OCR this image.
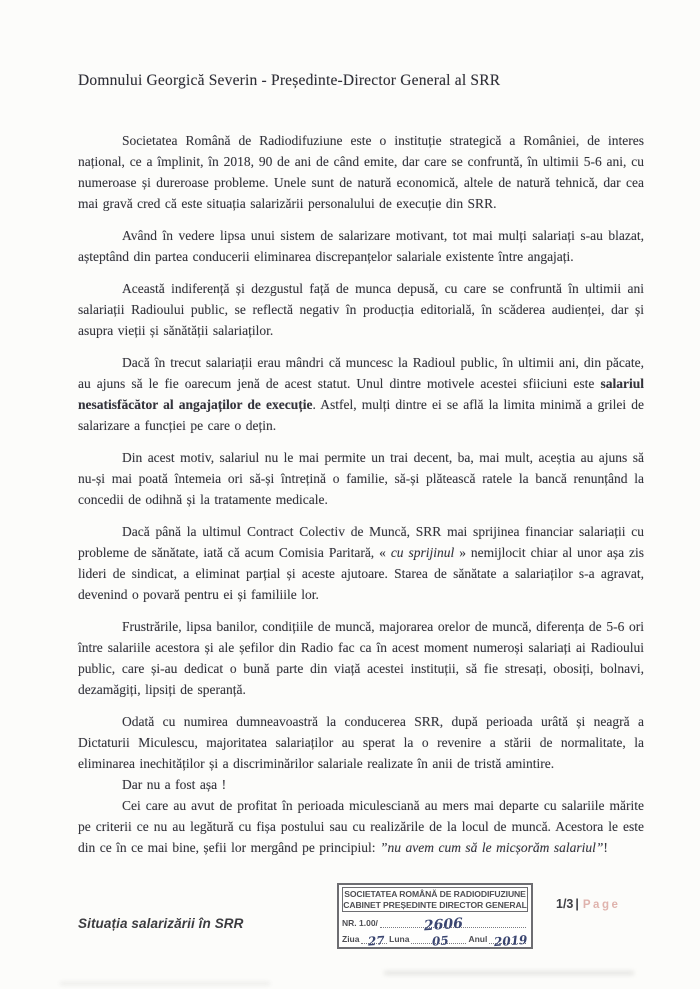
Domnului Georgică Severin - Președinte-Director General al SRR

Societatea Română de Radiodifuziune este o instituție strategică a României, de interes național, ce a împlinit, în 2018, 90 de ani de când emite, dar care se confruntă, în ultimii 5-6 ani, cu numeroase și dureroase probleme. Unele sunt de natură economică, altele de natură tehnică, dar cea mai gravă cred că este situația salarizării personalului de execuție din SRR.

Având în vedere lipsa unui sistem de salarizare motivant, tot mai mulți salariați s-au blazat, așteptând din partea conducerii eliminarea discrepanțelor salariale existente între angajați.

Această indiferență și dezgustul față de munca depusă, cu care se confruntă în ultimii ani salariații Radioului public, se reflectă negativ în producția editorială, în scăderea audienței, dar și asupra vieții și sănătății salariaților.

Dacă în trecut salariații erau mândri că muncesc la Radioul public, în ultimii ani, din păcate, au ajuns să le fie oarecum jenă de acest statut. Unul dintre motivele acestei sfiiciuni este salariul nesatisfăcător al angajaților de execuție. Astfel, mulți dintre ei se află la limita minimă a grilei de salarizare a funcției pe care o dețin.

Din acest motiv, salariul nu le mai permite un trai decent, ba, mai mult, aceștia au ajuns să nu-și mai poată întemeia ori să-și întrețină o familie, să-și plătească ratele la bancă renunțând la concedii de odihnă și la tratamente medicale.

Dacă până la ultimul Contract Colectiv de Muncă, SRR mai sprijinea financiar salariații cu probleme de sănătate, iată că acum Comisia Paritară, « cu sprijinul » nemijlocit chiar al unor așa zis lideri de sindicat, a eliminat parțial și aceste ajutoare. Starea de sănătate a salariaților s-a agravat, devenind o povară pentru ei și familiile lor.

Frustrările, lipsa banilor, condițiile de muncă, majorarea orelor de muncă, diferența de 5-6 ori între salariile acestora și ale șefilor din Radio fac ca în acest moment numeroși salariați ai Radioului public, care și-au dedicat o bună parte din viață acestei instituții, să fie stresați, obosiți, bolnavi, dezamăgiți, lipsiți de speranță.

Odată cu numirea dumneavoastră la conducerea SRR, după perioada urâtă și neagră a Dictaturii Miculescu, majoritatea salariaților au sperat la o revenire a stării de normalitate, la eliminarea inechităților și a discriminărilor salariale realizate în anii de tristă amintire.

Dar nu a fost așa !

Cei care au avut de profitat în perioada miculesciană au mers mai departe cu salariile mărite pe criterii ce nu au legătură cu fișa postului sau cu realizările de la locul de muncă. Acestora le este din ce în ce mai bine, șefii lor mergând pe principiul: ”nu avem cum să le micșorăm salariul”!

Situația salarizării în SRR
SOCIETATEA ROMÂNĂ DE RADIODIFUZIUNE
CABINET PREȘEDINTE DIRECTOR GENERAL
NR. 1.00/	2606
Ziua 27 Luna 05 Anul 2019
1/3 | Page
